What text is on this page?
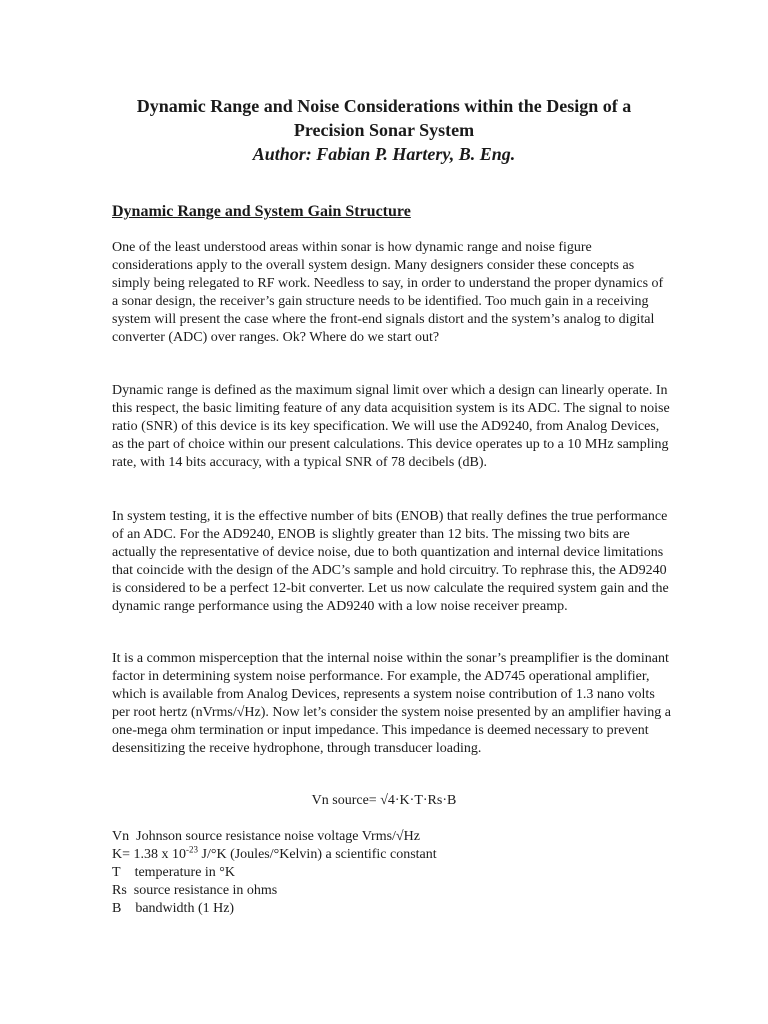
Dynamic Range and Noise Considerations within the Design of a Precision Sonar System
Author: Fabian P. Hartery, B. Eng.
Dynamic Range and System Gain Structure

One of the least understood areas within sonar is how dynamic range and noise figure considerations apply to the overall system design. Many designers consider these concepts as simply being relegated to RF work. Needless to say, in order to understand the proper dynamics of a sonar design, the receiver’s gain structure needs to be identified. Too much gain in a receiving system will present the case where the front-end signals distort and the system’s analog to digital converter (ADC) over ranges. Ok? Where do we start out?

Dynamic range is defined as the maximum signal limit over which a design can linearly operate. In this respect, the basic limiting feature of any data acquisition system is its ADC. The signal to noise ratio (SNR) of this device is its key specification. We will use the AD9240, from Analog Devices, as the part of choice within our present calculations. This device operates up to a 10 MHz sampling rate, with 14 bits accuracy, with a typical SNR of 78 decibels (dB).

In system testing, it is the effective number of bits (ENOB) that really defines the true performance of an ADC. For the AD9240, ENOB is slightly greater than 12 bits. The missing two bits are actually the representative of device noise, due to both quantization and internal device limitations that coincide with the design of the ADC’s sample and hold circuitry. To rephrase this, the AD9240 is considered to be a perfect 12-bit converter. Let us now calculate the required system gain and the dynamic range performance using the AD9240 with a low noise receiver preamp.

It is a common misperception that the internal noise within the sonar’s preamplifier is the dominant factor in determining system noise performance. For example, the AD745 operational amplifier, which is available from Analog Devices, represents a system noise contribution of 1.3 nano volts per root hertz (nVrms/√Hz). Now let’s consider the system noise presented by an amplifier having a one-mega ohm termination or input impedance. This impedance is deemed necessary to prevent desensitizing the receive hydrophone, through transducer loading.

Vn source= √4·K·T·Rs·B
Vn Johnson source resistance noise voltage Vrms/√Hz
K= 1.38 x $10^{-23}$ J/°K (Joules/°Kelvin) a scientific constant
T temperature in °K
Rs source resistance in ohms
B bandwidth (1 Hz)
